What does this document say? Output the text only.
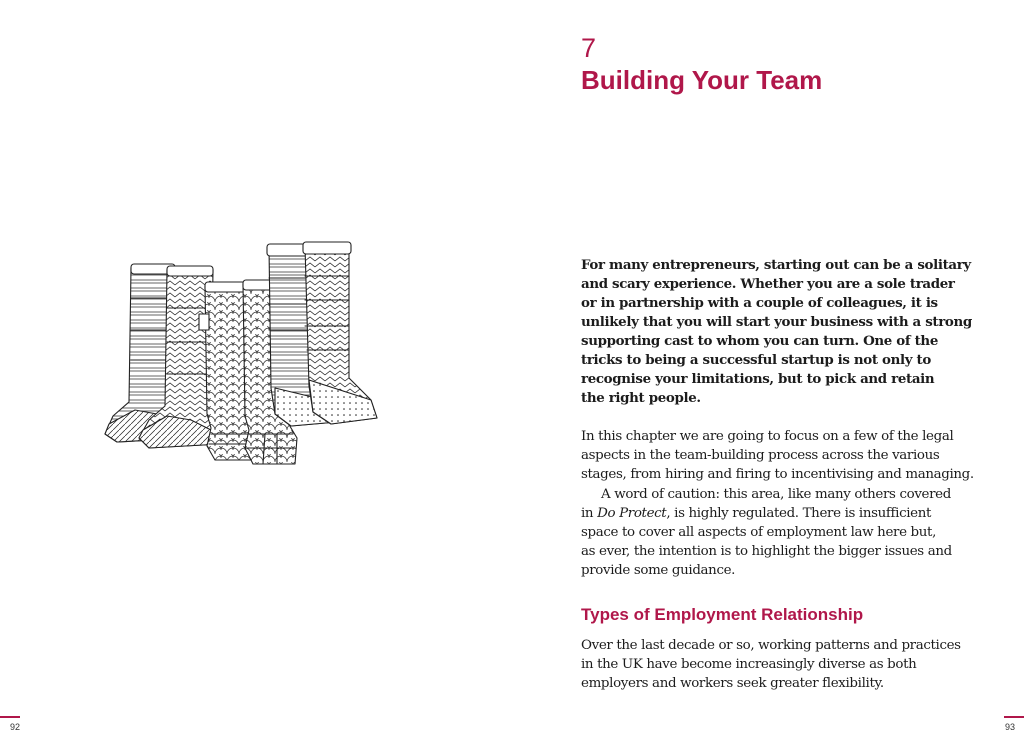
7
Building Your Team

For many entrepreneurs, starting out can be a solitary
and scary experience. Whether you are a sole trader
or in partnership with a couple of colleagues, it is
unlikely that you will start your business with a strong
supporting cast to whom you can turn. One of the
tricks to being a successful startup is not only to
recognise your limitations, but to pick and retain
the right people.

In this chapter we are going to focus on a few of the legal
aspects in the team-building process across the various
stages, from hiring and firing to incentivising and managing.
A word of caution: this area, like many others covered
in Do Protect, is highly regulated. There is insufficient
space to cover all aspects of employment law here but,
as ever, the intention is to highlight the bigger issues and
provide some guidance.

Types of Employment Relationship

Over the last decade or so, working patterns and practices
in the UK have become increasingly diverse as both
employers and workers seek greater flexibility.

92	93
